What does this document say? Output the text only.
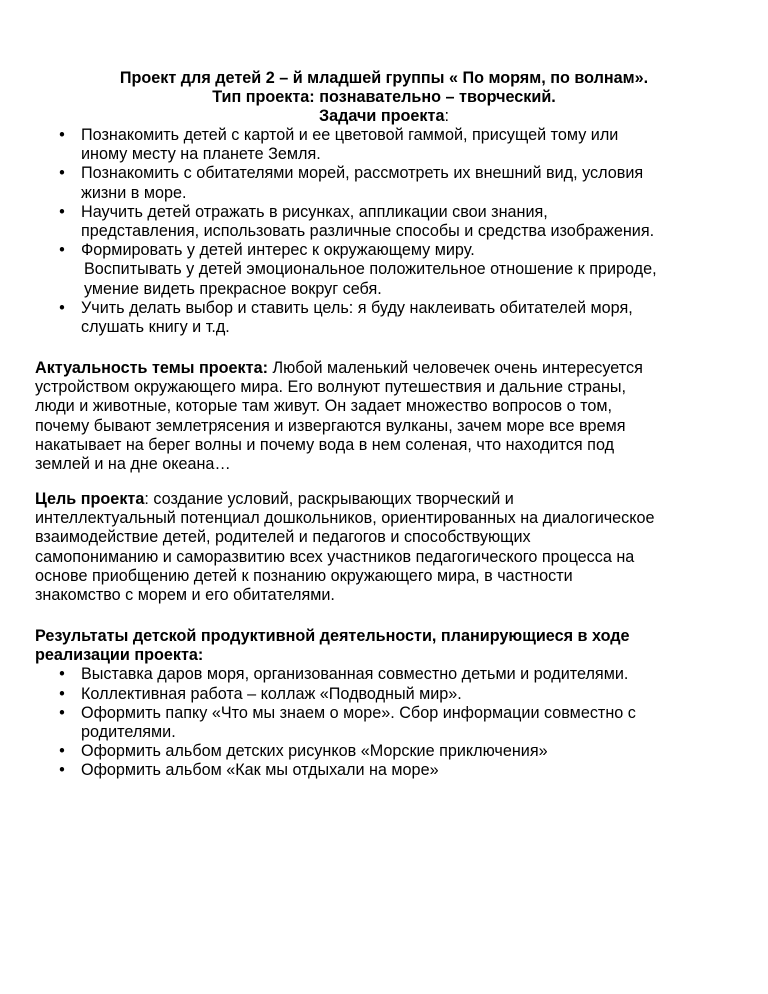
Проект для детей 2 – й младшей группы « По морям, по волнам».
Тип проекта: познавательно – творческий.
Задачи проекта:
• Познакомить детей с картой и ее цветовой гаммой, присущей тому или
иному месту на планете Земля.
• Познакомить с обитателями морей, рассмотреть их внешний вид, условия
жизни в море.
• Научить детей отражать в рисунках, аппликации свои знания,
представления, использовать различные способы и средства изображения.
• Формировать у детей интерес к окружающему миру.
Воспитывать у детей эмоциональное положительное отношение к природе,
умение видеть прекрасное вокруг себя.
• Учить делать выбор и ставить цель: я буду наклеивать обитателей моря,
слушать книгу и т.д.
Актуальность темы проекта: Любой маленький человечек очень интересуется
устройством окружающего мира. Его волнуют путешествия и дальние страны,
люди и животные, которые там живут. Он задает множество вопросов о том,
почему бывают землетрясения и извергаются вулканы, зачем море все время
накатывает на берег волны и почему вода в нем соленая, что находится под
землей и на дне океана…
Цель проекта: создание условий, раскрывающих творческий и
интеллектуальный потенциал дошкольников, ориентированных на диалогическое
взаимодействие детей, родителей и педагогов и способствующих
самопониманию и саморазвитию всех участников педагогического процесса на
основе приобщению детей к познанию окружающего мира, в частности
знакомство с морем и его обитателями.
Результаты детской продуктивной деятельности, планирующиеся в ходе
реализации проекта:
• Выставка даров моря, организованная совместно детьми и родителями.
• Коллективная работа – коллаж «Подводный мир».
• Оформить папку «Что мы знаем о море». Сбор информации совместно с
родителями.
• Оформить альбом детских рисунков «Морские приключения»
• Оформить альбом «Как мы отдыхали на море»
